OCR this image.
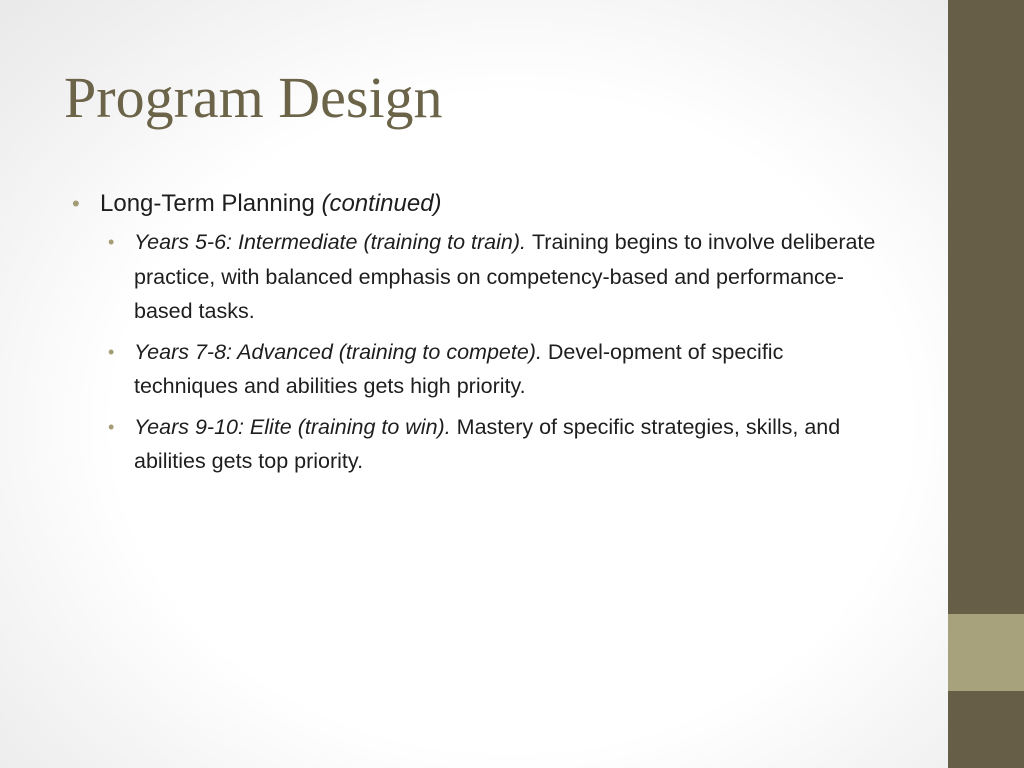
Program Design
• Long-Term Planning (continued)
• Years 5-6: Intermediate (training to train). Training begins to involve deliberate practice, with balanced emphasis on competency-based and performance-based tasks.
• Years 7-8: Advanced (training to compete). Devel-opment of specific techniques and abilities gets high priority.
• Years 9-10: Elite (training to win). Mastery of specific strategies, skills, and abilities gets top priority.
